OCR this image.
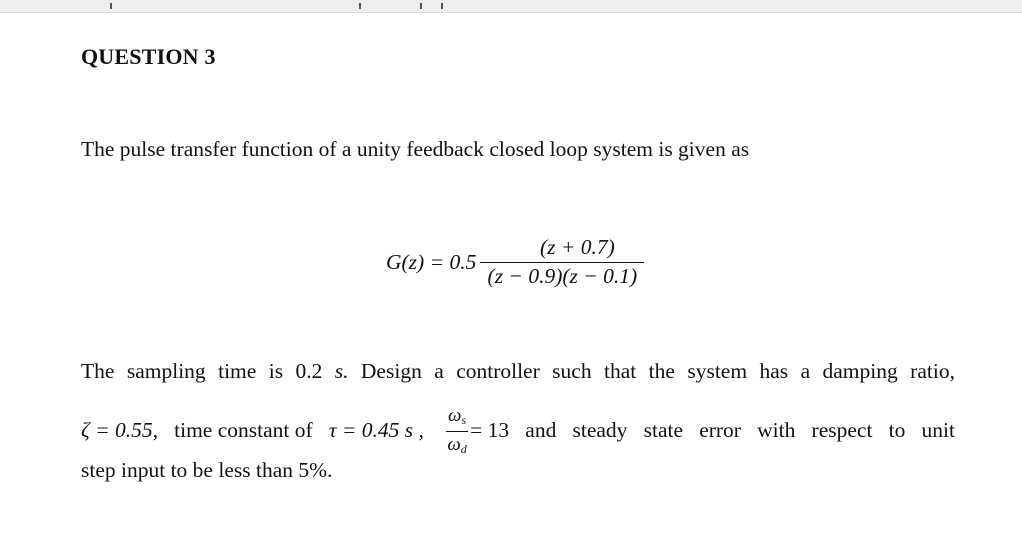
QUESTION 3
The pulse transfer function of a unity feedback closed loop system is given as
$G(z) = 0.5 \frac{(z + 0.7)}{(z - 0.9)(z - 0.1)}$
The sampling time is 0.2 s. Design a controller such that the system has a damping ratio,
ζ = 0.55, time constant of τ = 0.45 s ,
$\omega_s$
$\omega_d$
= 13 and steady state error with respect to unit
step input to be less than 5%.
